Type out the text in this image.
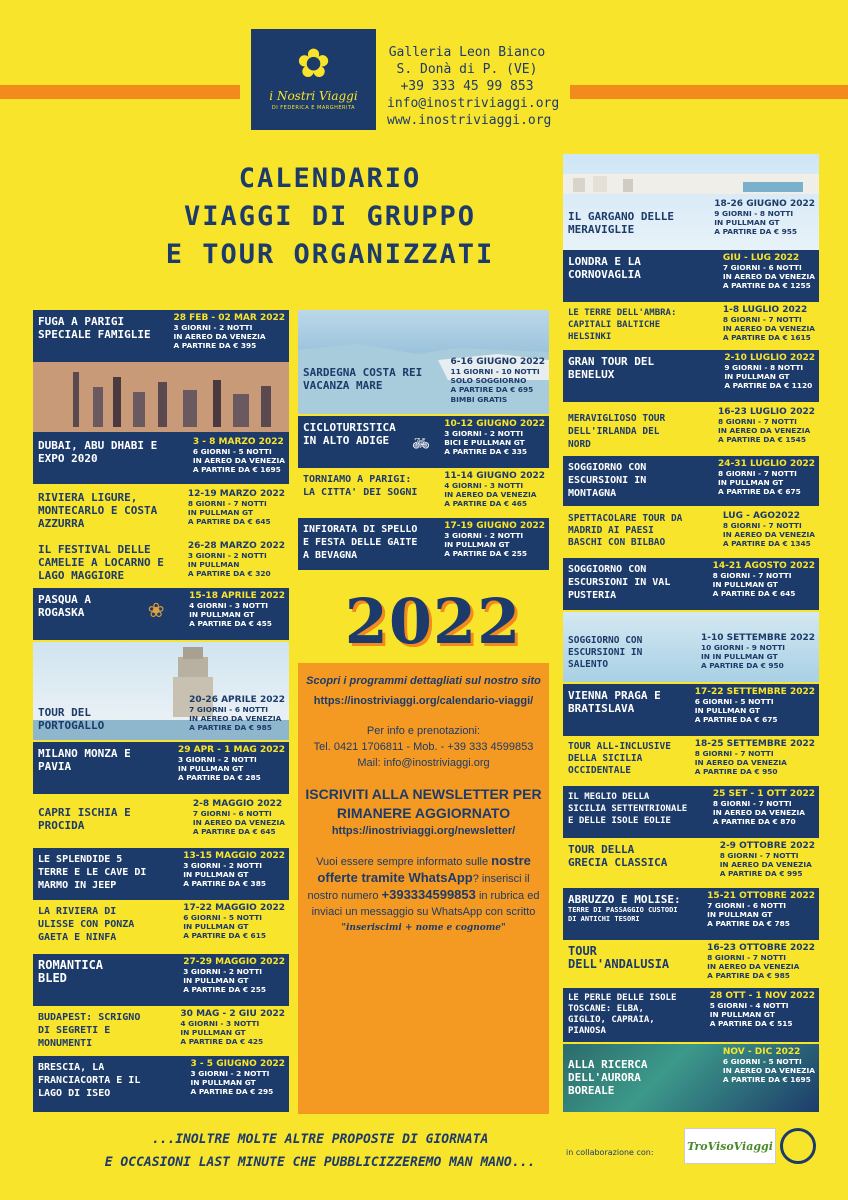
✿
i Nostri Viaggi
DI FEDERICA E MARGHERITA
Galleria Leon Bianco
S. Donà di P. (VE)
+39 333 45 99 853
info@inostriviaggi.org
www.inostriviaggi.org
CALENDARIO
VIAGGI DI GRUPPO
E TOUR ORGANIZZATI
FUGA A PARIGI SPECIALE FAMIGLIE
28 FEB - 02 MAR 2022
3 GIORNI - 2 NOTTI
IN AEREO DA VENEZIA
A PARTIRE DA € 395
DUBAI, ABU DHABI E EXPO 2020
3 - 8 MARZO 2022
6 GIORNI - 5 NOTTI
IN AEREO DA VENEZIA
A PARTIRE DA € 1695
RIVIERA LIGURE, MONTECARLO E COSTA AZZURRA
12-19 MARZO 2022
8 GIORNI - 7 NOTTI
IN PULLMAN GT
A PARTIRE DA € 645
IL FESTIVAL DELLE CAMELIE A LOCARNO E LAGO MAGGIORE
26-28 MARZO 2022
3 GIORNI - 2 NOTTI
IN PULLMAN
A PARTIRE DA € 320
PASQUA A ROGASKA	❀
15-18 APRILE 2022
4 GIORNI - 3 NOTTI
IN PULLMAN GT
A PARTIRE DA € 455
TOUR DEL PORTOGALLO
20-26 APRILE 2022
7 GIORNI - 6 NOTTI
IN AEREO DA VENEZIA
A PARTIRE DA € 985
MILANO MONZA E PAVIA
29 APR - 1 MAG 2022
3 GIORNI - 2 NOTTI
IN PULLMAN GT
A PARTIRE DA € 285
CAPRI ISCHIA E PROCIDA
2-8 MAGGIO 2022
7 GIORNI - 6 NOTTI
IN AEREO DA VENEZIA
A PARTIRE DA € 645
LE SPLENDIDE 5 TERRE E LE CAVE DI MARMO IN JEEP
13-15 MAGGIO 2022
3 GIORNI - 2 NOTTI
IN PULLMAN GT
A PARTIRE DA € 385
LA RIVIERA DI ULISSE CON PONZA GAETA E NINFA
17-22 MAGGIO 2022
6 GIORNI - 5 NOTTI
IN PULLMAN GT
A PARTIRE DA € 615
ROMANTICA BLED
27-29 MAGGIO 2022
3 GIORNI - 2 NOTTI
IN PULLMAN GT
A PARTIRE DA € 255
BUDAPEST: SCRIGNO DI SEGRETI E MONUMENTI
30 MAG - 2 GIU 2022
4 GIORNI - 3 NOTTI
IN PULLMAN GT
A PARTIRE DA € 425
BRESCIA, LA FRANCIACORTA E IL LAGO DI ISEO
3 - 5 GIUGNO 2022
3 GIORNI - 2 NOTTI
IN PULLMAN GT
A PARTIRE DA € 295
SARDEGNA COSTA REI VACANZA MARE
6-16 GIUGNO 2022
11 GIORNI - 10 NOTTI
SOLO SOGGIORNO
A PARTIRE DA € 695
BIMBI GRATIS
CICLOTURISTICA IN ALTO ADIGE	🚲︎
10-12 GIUGNO 2022
3 GIORNI - 2 NOTTI
BICI E PULLMAN GT
A PARTIRE DA € 335
TORNIAMO A PARIGI: LA CITTA' DEI SOGNI
11-14 GIUGNO 2022
4 GIORNI - 3 NOTTI
IN AEREO DA VENEZIA
A PARTIRE DA € 465
INFIORATA DI SPELLO E FESTA DELLE GAITE A BEVAGNA
17-19 GIUGNO 2022
3 GIORNI - 2 NOTTI
IN PULLMAN GT
A PARTIRE DA € 255
2022

Scopri i programmi dettagliati sul nostro sito

https://inostriviaggi.org/calendario-viaggi/

Per info e prenotazioni:

Tel. 0421 1706811 - Mob. - +39 333 4599853 Mail: info@inostriviaggi.org

ISCRIVITI ALLA NEWSLETTER PER RIMANERE AGGIORNATO

https://inostriviaggi.org/newsletter/

Vuoi essere sempre informato sulle nostre offerte tramite WhatsApp? inserisci il nostro numero +393334599853 in rubrica ed inviaci un messaggio su WhatsApp con scritto

"inseriscimi + nome e cognome"

IL GARGANO DELLE MERAVIGLIE
18-26 GIUGNO 2022
9 GIORNI - 8 NOTTI
IN PULLMAN GT
A PARTIRE DA € 955
LONDRA E LA CORNOVAGLIA
GIU - LUG 2022
7 GIORNI - 6 NOTTI
IN AEREO DA VENEZIA
A PARTIRE DA € 1255
LE TERRE DELL'AMBRA: CAPITALI BALTICHE HELSINKI
1-8 LUGLIO 2022
8 GIORNI - 7 NOTTI
IN AEREO DA VENEZIA
A PARTIRE DA € 1615
GRAN TOUR DEL BENELUX
2-10 LUGLIO 2022
9 GIORNI - 8 NOTTI
IN PULLMAN GT
A PARTIRE DA € 1120
MERAVIGLIOSO TOUR DELL'IRLANDA DEL NORD
16-23 LUGLIO 2022
8 GIORNI - 7 NOTTI
IN AEREO DA VENEZIA
A PARTIRE DA € 1545
SOGGIORNO CON ESCURSIONI IN MONTAGNA
24-31 LUGLIO 2022
8 GIORNI - 7 NOTTI
IN PULLMAN GT
A PARTIRE DA € 675
SPETTACOLARE TOUR DA MADRID AI PAESI BASCHI CON BILBAO
LUG - AGO2022
8 GIORNI - 7 NOTTI
IN AEREO DA VENEZIA
A PARTIRE DA € 1345
SOGGIORNO CON ESCURSIONI IN VAL PUSTERIA
14-21 AGOSTO 2022
8 GIORNI - 7 NOTTI
IN PULLMAN GT
A PARTIRE DA € 645
SOGGIORNO CON ESCURSIONI IN SALENTO
1-10 SETTEMBRE 2022
10 GIORNI - 9 NOTTI
IN IN PULLMAN GT
A PARTIRE DA € 950
VIENNA PRAGA E BRATISLAVA
17-22 SETTEMBRE 2022
6 GIORNI - 5 NOTTI
IN PULLMAN GT
A PARTIRE DA € 675
TOUR ALL-INCLUSIVE DELLA SICILIA OCCIDENTALE
18-25 SETTEMBRE 2022
8 GIORNI - 7 NOTTI
IN AEREO DA VENEZIA
A PARTIRE DA € 950
IL MEGLIO DELLA SICILIA SETTENTRIONALE E DELLE ISOLE EOLIE
25 SET - 1 OTT 2022
8 GIORNI - 7 NOTTI
IN AEREO DA VENEZIA
A PARTIRE DA € 870
TOUR DELLA GRECIA CLASSICA
2-9 OTTOBRE 2022
8 GIORNI - 7 NOTTI
IN AEREO DA VENEZIA
A PARTIRE DA € 995
ABRUZZO E MOLISE:
TERRE DI PASSAGGIO CUSTODI DI ANTICHI TESORI
15-21 OTTOBRE 2022
7 GIORNI - 6 NOTTI
IN PULLMAN GT
A PARTIRE DA € 785
TOUR DELL'ANDALUSIA
16-23 OTTOBRE 2022
8 GIORNI - 7 NOTTI
IN AEREO DA VENEZIA
A PARTIRE DA € 985
LE PERLE DELLE ISOLE TOSCANE: ELBA, GIGLIO, CAPRAIA, PIANOSA
28 OTT - 1 NOV 2022
5 GIORNI - 4 NOTTI
IN PULLMAN GT
A PARTIRE DA € 515
ALLA RICERCA DELL'AURORA BOREALE
NOV - DIC 2022
6 GIORNI - 5 NOTTI
IN AEREO DA VENEZIA
A PARTIRE DA € 1695
...INOLTRE MOLTE ALTRE PROPOSTE DI GIORNATA
E OCCASIONI LAST MINUTE CHE PUBBLICIZZEREMO MAN MANO...
in collaborazione con:	TroVisoViaggi
